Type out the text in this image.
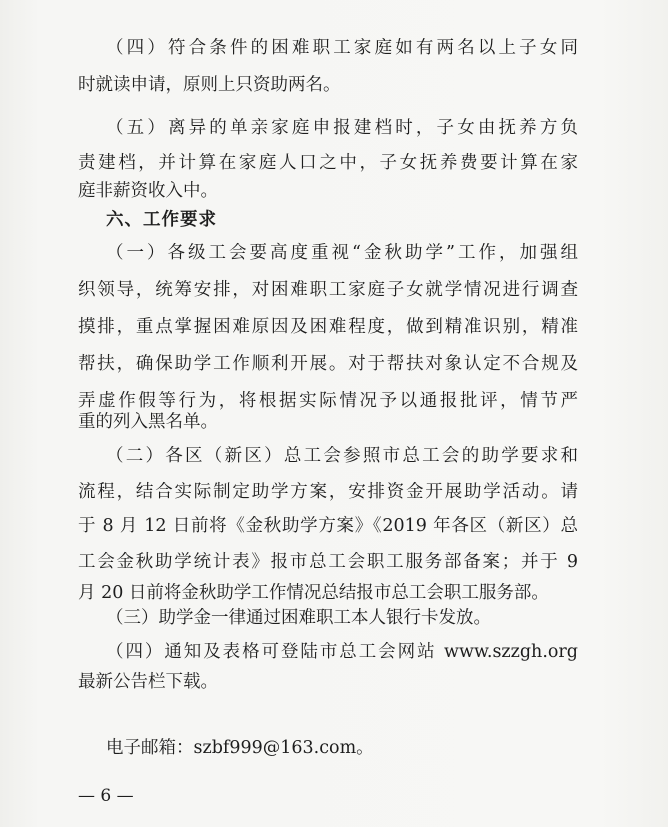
（四）符合条件的困难职工家庭如有两名以上子女同
时就读申请，原则上只资助两名。
（五）离异的单亲家庭申报建档时，子女由抚养方负
责建档，并计算在家庭人口之中，子女抚养费要计算在家
庭非薪资收入中。
六、工作要求
（一）各级工会要高度重视“金秋助学”工作，加强组
织领导，统筹安排，对困难职工家庭子女就学情况进行调查
摸排，重点掌握困难原因及困难程度，做到精准识别，精准
帮扶，确保助学工作顺利开展。对于帮扶对象认定不合规及
弄虚作假等行为，将根据实际情况予以通报批评，情节严
重的列入黑名单。
（二）各区（新区）总工会参照市总工会的助学要求和
流程，结合实际制定助学方案，安排资金开展助学活动。请
于 8 月 12 日前将《金秋助学方案》《2019 年各区（新区）总
工会金秋助学统计表》报市总工会职工服务部备案；并于 9
月 20 日前将金秋助学工作情况总结报市总工会职工服务部。
（三）助学金一律通过困难职工本人银行卡发放。
（四）通知及表格可登陆市总工会网站 www.szzgh.org
最新公告栏下载。
电子邮箱：szbf999@163.com。
— 6 —
